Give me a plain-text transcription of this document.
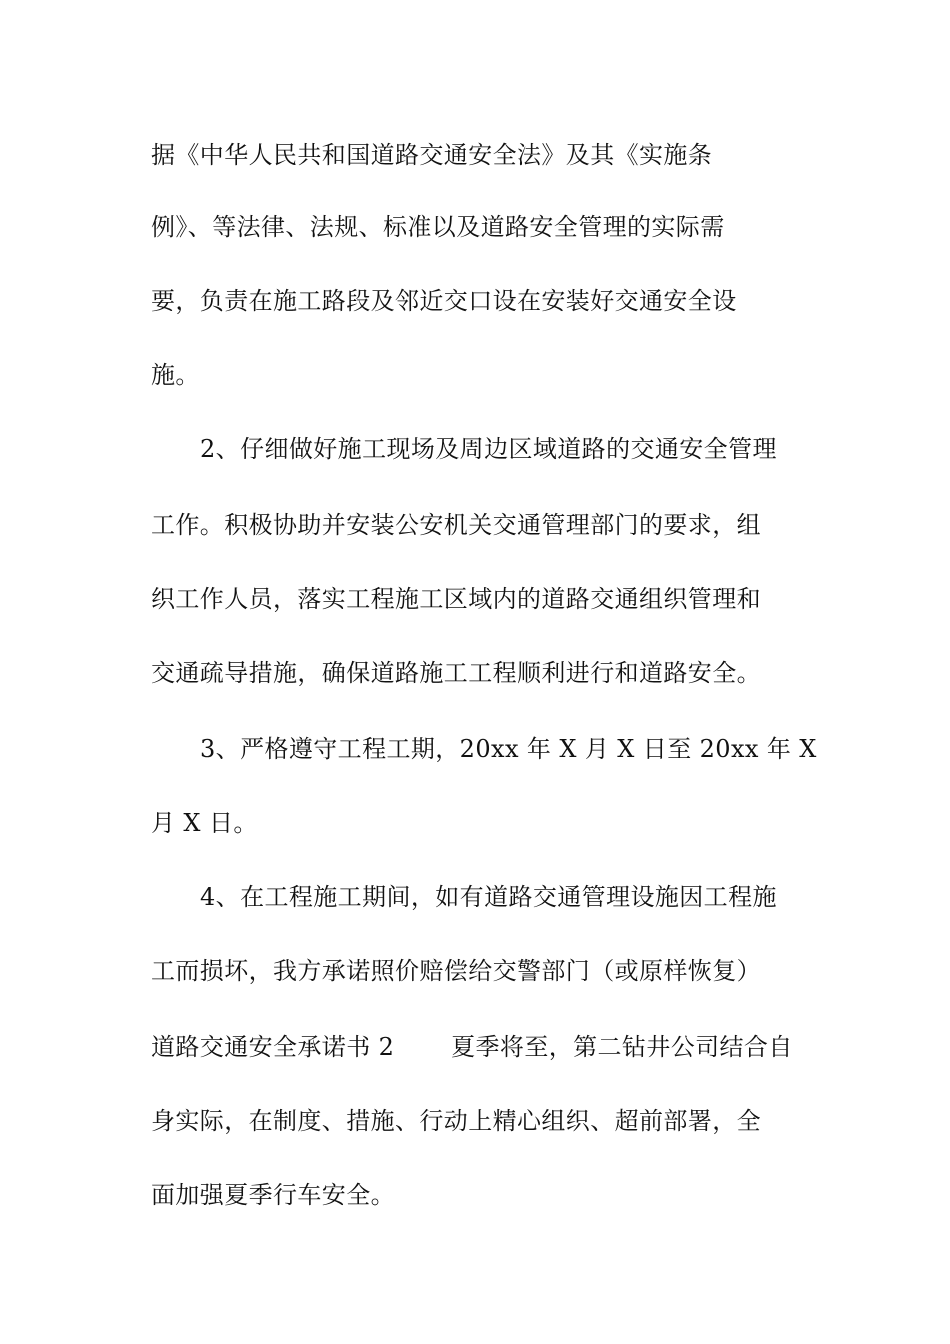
据《中华人民共和国道路交通安全法》及其《实施条
例》、等法律、法规、标准以及道路安全管理的实际需
要，负责在施工路段及邻近交口设在安装好交通安全设
施。
2、仔细做好施工现场及周边区域道路的交通安全管理
工作。积极协助并安装公安机关交通管理部门的要求，组
织工作人员，落实工程施工区域内的道路交通组织管理和
交通疏导措施，确保道路施工工程顺利进行和道路安全。
3、严格遵守工程工期，20xx 年 X 月 X 日至 20xx 年 X
月 X 日。
4、在工程施工期间，如有道路交通管理设施因工程施
工而损坏，我方承诺照价赔偿给交警部门（或原样恢复）
道路交通安全承诺书 2　　 夏季将至，第二钻井公司结合自
身实际，在制度、措施、行动上精心组织、超前部署，全
面加强夏季行车安全。
